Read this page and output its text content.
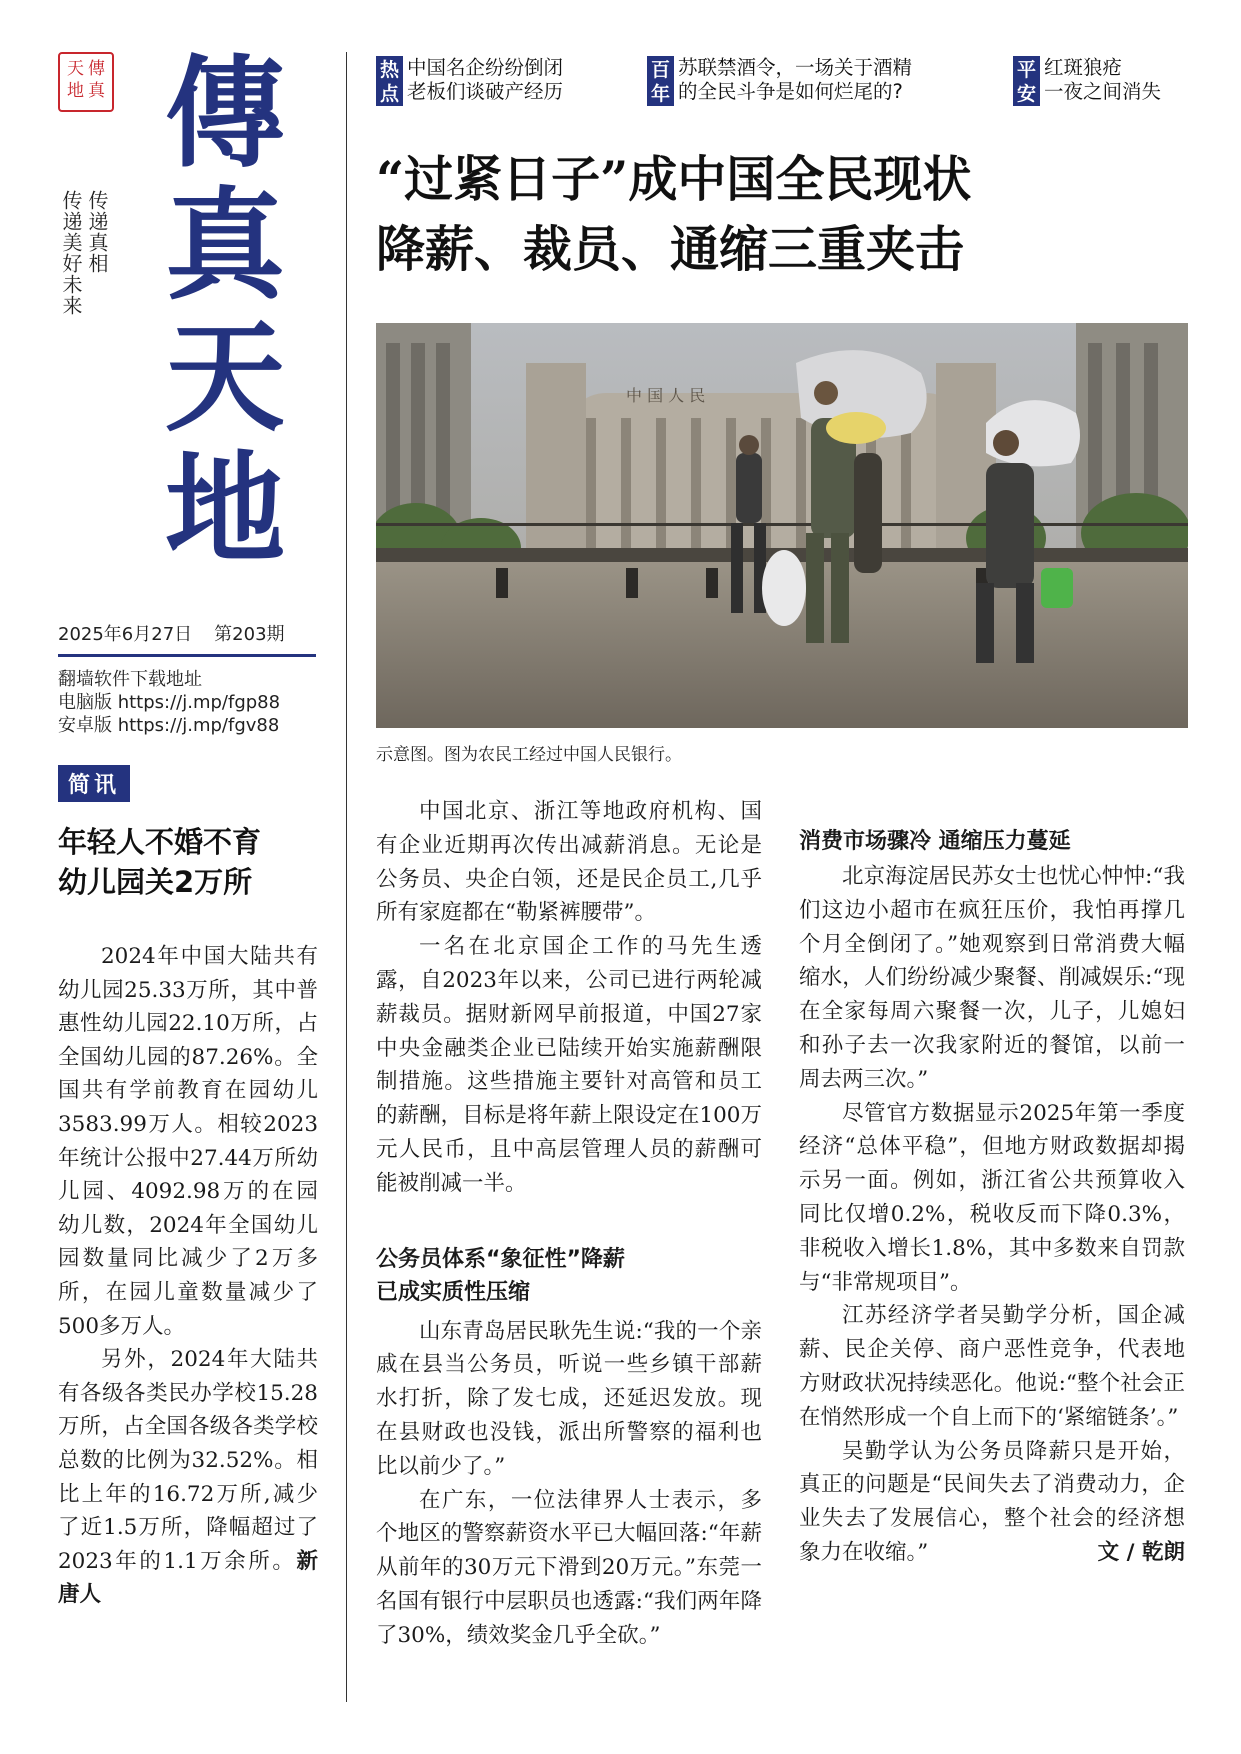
天 傳
地 真 傳
真
天
地
传递真相
传递美好未来
2025年6月27日 第203期
翻墙软件下载地址
电脑版 https://j.mp/fgp88
安卓版 https://j.mp/fgv88
简讯
年轻人不婚不育
幼儿园关2万所

2024年中国大陆共有幼儿园25.33万所，其中普惠性幼儿园22.10万所，占全国幼儿园的87.26%。全国共有学前教育在园幼儿3583.99万人。相较2023年统计公报中27.44万所幼儿园、4092.98万的在园幼儿数，2024年全国幼儿园数量同比减少了2万多所，在园儿童数量减少了500多万人。

另外，2024年大陆共有各级各类民办学校15.28万所，占全国各级各类学校总数的比例为32.52%。相比上年的16.72万所,减少了近1.5万所，降幅超过了2023年的1.1万余所。新唐人

热点
中国名企纷纷倒闭
老板们谈破产经历
百年
苏联禁酒令，一场关于酒精
的全民斗争是如何烂尾的?
平安
红斑狼疮
一夜之间消失
“过紧日子”成中国全民现状
降薪、裁员、通缩三重夹击
中 国 人 民
示意图。图为农民工经过中国人民银行。

中国北京、浙江等地政府机构、国有企业近期再次传出减薪消息。无论是公务员、央企白领，还是民企员工,几乎所有家庭都在“勒紧裤腰带”。

一名在北京国企工作的马先生透露，自2023年以来，公司已进行两轮减薪裁员。据财新网早前报道，中国27家中央金融类企业已陆续开始实施薪酬限制措施。这些措施主要针对高管和员工的薪酬，目标是将年薪上限设定在100万元人民币，且中高层管理人员的薪酬可能被削减一半。

公务员体系“象征性”降薪
已成实质性压缩

山东青岛居民耿先生说:“我的一个亲戚在县当公务员，听说一些乡镇干部薪水打折，除了发七成，还延迟发放。现在县财政也没钱，派出所警察的福利也比以前少了。”

在广东，一位法律界人士表示，多个地区的警察薪资水平已大幅回落:“年薪从前年的30万元下滑到20万元。”东莞一名国有银行中层职员也透露:“我们两年降了30%，绩效奖金几乎全砍。”

消费市场骤冷 通缩压力蔓延

北京海淀居民苏女士也忧心忡忡:“我们这边小超市在疯狂压价，我怕再撑几个月全倒闭了。”她观察到日常消费大幅缩水，人们纷纷减少聚餐、削减娱乐:“现在全家每周六聚餐一次，儿子，儿媳妇和孙子去一次我家附近的餐馆，以前一周去两三次。”

尽管官方数据显示2025年第一季度经济“总体平稳”，但地方财政数据却揭示另一面。例如，浙江省公共预算收入同比仅增0.2%，税收反而下降0.3%，非税收入增长1.8%，其中多数来自罚款与“非常规项目”。

江苏经济学者吴勤学分析，国企减薪、民企关停、商户恶性竞争，代表地方财政状况持续恶化。他说:“整个社会正在悄然形成一个自上而下的‘紧缩链条’。”

吴勤学认为公务员降薪只是开始，真正的问题是“民间失去了消费动力，企业失去了发展信心，整个社会的经济想象力在收缩。”	文 / 乾朗
